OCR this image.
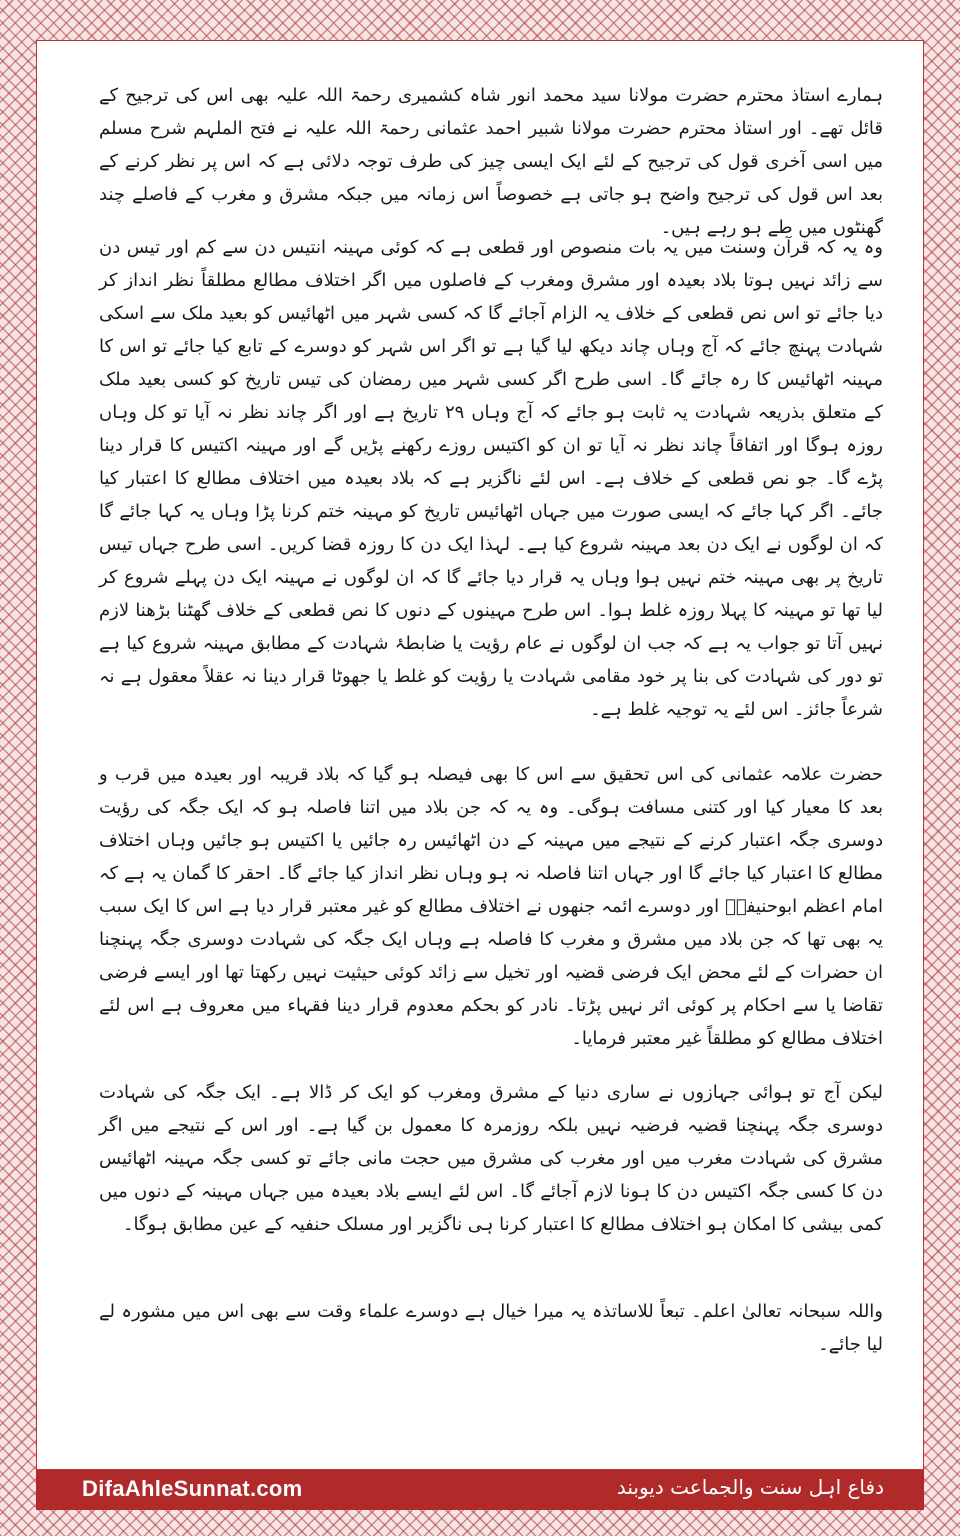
ہمارے استاذ محترم حضرت مولانا سید محمد انور شاہ کشمیری رحمۃ اللہ علیہ بھی اس کی ترجیح کے قائل تھے۔ اور استاذ محترم حضرت مولانا شبیر احمد عثمانی رحمۃ اللہ علیہ نے فتح الملہم شرح مسلم میں اسی آخری قول کی ترجیح کے لئے ایک ایسی چیز کی طرف توجہ دلائی ہے کہ اس پر نظر کرنے کے بعد اس قول کی ترجیح واضح ہو جاتی ہے خصوصاً اس زمانہ میں جبکہ مشرق و مغرب کے فاصلے چند گھنٹوں میں طے ہو رہے ہیں۔

وہ یہ کہ قرآن وسنت میں یہ بات منصوص اور قطعی ہے کہ کوئی مہینہ انتیس دن سے کم اور تیس دن سے زائد نہیں ہوتا بلاد بعیدہ اور مشرق ومغرب کے فاصلوں میں اگر اختلاف مطالع مطلقاً نظر انداز کر دیا جائے تو اس نص قطعی کے خلاف یہ الزام آجائے گا کہ کسی شہر میں اٹھائیس کو بعید ملک سے اسکی شہادت پہنچ جائے کہ آج وہاں چاند دیکھ لیا گیا ہے تو اگر اس شہر کو دوسرے کے تابع کیا جائے تو اس کا مہینہ اٹھائیس کا رہ جائے گا۔ اسی طرح اگر کسی شہر میں رمضان کی تیس تاریخ کو کسی بعید ملک کے متعلق بذریعہ شہادت یہ ثابت ہو جائے کہ آج وہاں ۲۹ تاریخ ہے اور اگر چاند نظر نہ آیا تو کل وہاں روزہ ہوگا اور اتفاقاً چاند نظر نہ آیا تو ان کو اکتیس روزے رکھنے پڑیں گے اور مہینہ اکتیس کا قرار دینا پڑے گا۔ جو نص قطعی کے خلاف ہے۔ اس لئے ناگزیر ہے کہ بلاد بعیدہ میں اختلاف مطالع کا اعتبار کیا جائے۔ اگر کہا جائے کہ ایسی صورت میں جہاں اٹھائیس تاریخ کو مہینہ ختم کرنا پڑا وہاں یہ کہا جائے گا کہ ان لوگوں نے ایک دن بعد مہینہ شروع کیا ہے۔ لہذا ایک دن کا روزہ قضا کریں۔ اسی طرح جہاں تیس تاریخ پر بھی مہینہ ختم نہیں ہوا وہاں یہ قرار دیا جائے گا کہ ان لوگوں نے مہینہ ایک دن پہلے شروع کر لیا تھا تو مہینہ کا پہلا روزہ غلط ہوا۔ اس طرح مہینوں کے دنوں کا نص قطعی کے خلاف گھٹنا بڑھنا لازم نہیں آتا تو جواب یہ ہے کہ جب ان لوگوں نے عام رؤیت یا ضابطۂ شہادت کے مطابق مہینہ شروع کیا ہے تو دور کی شہادت کی بنا پر خود مقامی شہادت یا رؤیت کو غلط یا جھوٹا قرار دینا نہ عقلاً معقول ہے نہ شرعاً جائز۔ اس لئے یہ توجیہ غلط ہے۔

حضرت علامہ عثمانی کی اس تحقیق سے اس کا بھی فیصلہ ہو گیا کہ بلاد قریبہ اور بعیدہ میں قرب و بعد کا معیار کیا اور کتنی مسافت ہوگی۔ وہ یہ کہ جن بلاد میں اتنا فاصلہ ہو کہ ایک جگہ کی رؤیت دوسری جگہ اعتبار کرنے کے نتیجے میں مہینہ کے دن اٹھائیس رہ جائیں یا اکتیس ہو جائیں وہاں اختلاف مطالع کا اعتبار کیا جائے گا اور جہاں اتنا فاصلہ نہ ہو وہاں نظر انداز کیا جائے گا۔ احقر کا گمان یہ ہے کہ امام اعظم ابوحنیفہؒ اور دوسرے ائمہ جنھوں نے اختلاف مطالع کو غیر معتبر قرار دیا ہے اس کا ایک سبب یہ بھی تھا کہ جن بلاد میں مشرق و مغرب کا فاصلہ ہے وہاں ایک جگہ کی شہادت دوسری جگہ پہنچنا ان حضرات کے لئے محض ایک فرضی قضیہ اور تخیل سے زائد کوئی حیثیت نہیں رکھتا تھا اور ایسے فرضی تقاضا یا سے احکام پر کوئی اثر نہیں پڑتا۔ نادر کو بحکم معدوم قرار دینا فقہاء میں معروف ہے اس لئے اختلاف مطالع کو مطلقاً غیر معتبر فرمایا۔

لیکن آج تو ہوائی جہازوں نے ساری دنیا کے مشرق ومغرب کو ایک کر ڈالا ہے۔ ایک جگہ کی شہادت دوسری جگہ پہنچنا قضیہ فرضیہ نہیں بلکہ روزمرہ کا معمول بن گیا ہے۔ اور اس کے نتیجے میں اگر مشرق کی شہادت مغرب میں اور مغرب کی مشرق میں حجت مانی جائے تو کسی جگہ مہینہ اٹھائیس دن کا کسی جگہ اکتیس دن کا ہونا لازم آجائے گا۔ اس لئے ایسے بلاد بعیدہ میں جہاں مہینہ کے دنوں میں کمی بیشی کا امکان ہو اختلاف مطالع کا اعتبار کرنا ہی ناگزیر اور مسلک حنفیہ کے عین مطابق ہوگا۔

واللہ سبحانہ تعالیٰ اعلم۔ تبعاً للاساتذہ یہ میرا خیال ہے دوسرے علماء وقت سے بھی اس میں مشورہ لے لیا جائے۔

DifaAhleSunnat.com	دفاع اہل سنت والجماعت دیوبند
